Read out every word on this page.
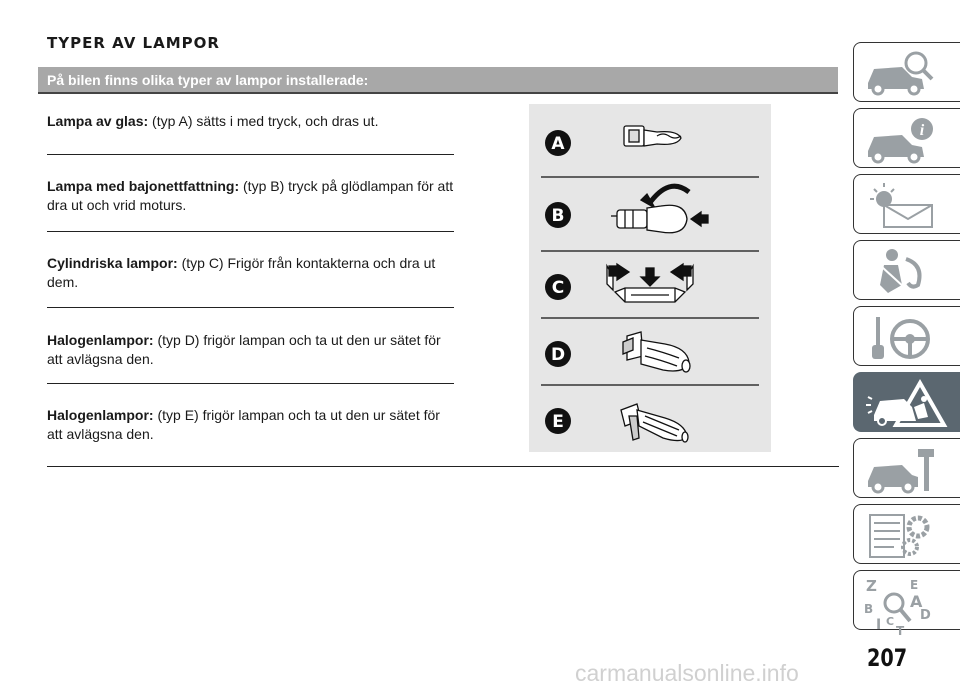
TYPER AV LAMPOR
På bilen finns olika typer av lampor installerade:
Lampa av glas: (typ A) sätts i med tryck, och dras ut.
Lampa med bajonettfattning: (typ B) tryck på glödlampan för att dra ut och vrid moturs.
Cylindriska lampor: (typ C) Frigör från kontakterna och dra ut dem.
Halogenlampor: (typ D) frigör lampan och ta ut den ur sätet för att avlägsna den.
Halogenlampor: (typ E) frigör lampan och ta ut den ur sätet för att avlägsna den.
A
B
C
D
E
i
Z	E
A
B
I C D
T
207
carmanualsonline.info
